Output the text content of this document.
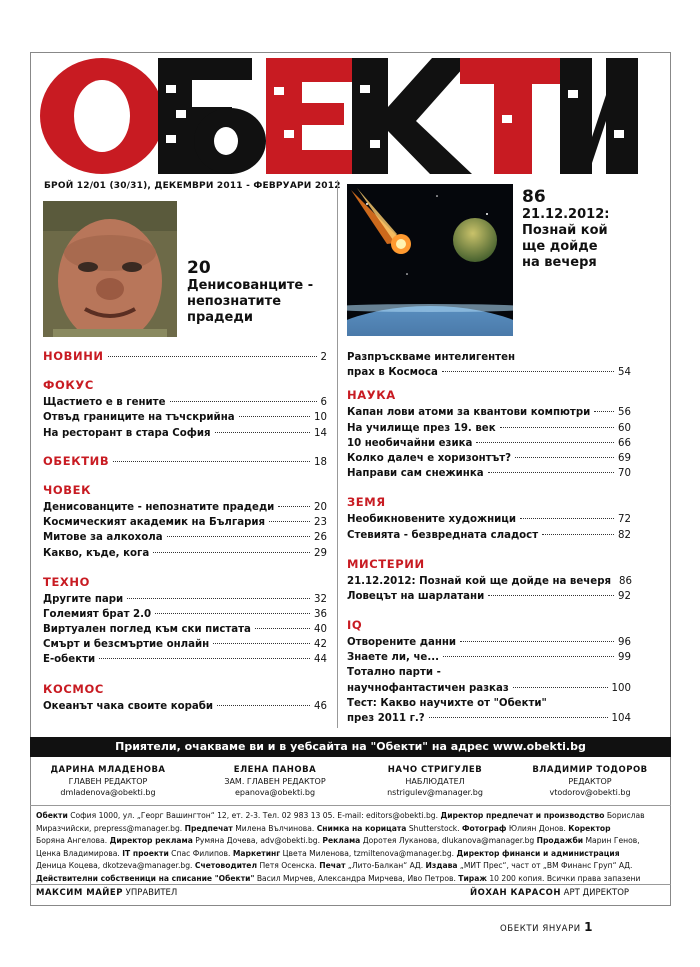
БРОЙ 12/01 (30/31), ДЕКЕМВРИ 2011 - ФЕВРУАРИ 2012
20
Денисованците -
непознатите
прадеди
86
21.12.2012:
Познай кой
ще дойде
на вечеря
НОВИНИ	2
ФОКУС
Щастието е в гените	6
Отвъд границите на тъчскрийна	10
На ресторант в стара София	14
ОБЕКТИВ	18
ЧОВЕК
Денисованците - непознатите прадеди	20
Космическият академик на България	23
Митове за алкохола	26
Какво, къде, кога	29
ТЕХНО
Другите пари	32
Големият брат 2.0	36
Виртуален поглед към ски пистата	40
Смърт и безсмъртие онлайн	42
Е-обекти	44
КОСМОС
Океанът чака своите кораби	46
Разпръскваме интелигентен
прах в Космоса	54
НАУКА
Капан лови атоми за квантови компютри	56
На училище през 19. век	60
10 необичайни езика	66
Колко далеч е хоризонтът?	69
Направи сам снежинка	70
ЗЕМЯ
Необикновените художници	72
Стевията - безвредната сладост	82
МИСТЕРИИ
21.12.2012: Познай кой ще дойде на вечеря 86
Ловецът на шарлатани	92
IQ
Отворените данни	96
Знаете ли, че...	99
Тотално парти -
научнофантастичен разказ	100
Тест: Какво научихте от "Обекти"
през 2011 г.?	104
Приятели, очакваме ви и в уебсайта на "Обекти" на адрес www.obekti.bg
ДАРИНА МЛАДЕНОВА
ГЛАВЕН РЕДАКТОР
dmladenova@obekti.bg
ЕЛЕНА ПАНОВА
ЗАМ. ГЛАВЕН РЕДАКТОР
epanova@obekti.bg
НАЧО СТРИГУЛЕВ
НАБЛЮДАТЕЛ
nstrigulev@manager.bg
ВЛАДИМИР ТОДОРОВ
РЕДАКТОР
vtodorov@obekti.bg
Обекти София 1000, ул. „Георг Вашингтон“ 12, ет. 2-3. Тел. 02 983 13 05. E-mail: editors@obekti.bg. Директор предпечат и производство Борислав
Миразчийски, prepress@manager.bg. Предпечат Милена Вълчинова. Снимка на корицата Shutterstock. Фотограф Юлиян Донов. Коректор
Борянa Ангелова. Директор реклама Румяна Дочева, adv@obekti.bg. Реклама Доротея Луканова, dlukanova@manager.bg Продажби Марин Генов,
Ценка Владимирова. IT проекти Спас Филипов. Маркетинг Цветa Миленова, tzmiltenova@manager.bg. Директор финанси и администрация
Деница Коцева, dkotzeva@manager.bg. Счетоводител Петя Осенска. Печат „Лито-Балкан“ АД. Издава „МИТ Прес“, част от „ВМ Финанс Груп“ АД.
Действителни собственици на списание "Обекти" Васил Мирчев, Александра Мирчева, Иво Петров. Тираж 10 200 копия. Всички права запазени
МАКСИМ МАЙЕР УПРАВИТЕЛ	ЙОХАН КАРАСОН АРТ ДИРЕКТОР
ОБЕКТИ ЯНУАРИ 1
